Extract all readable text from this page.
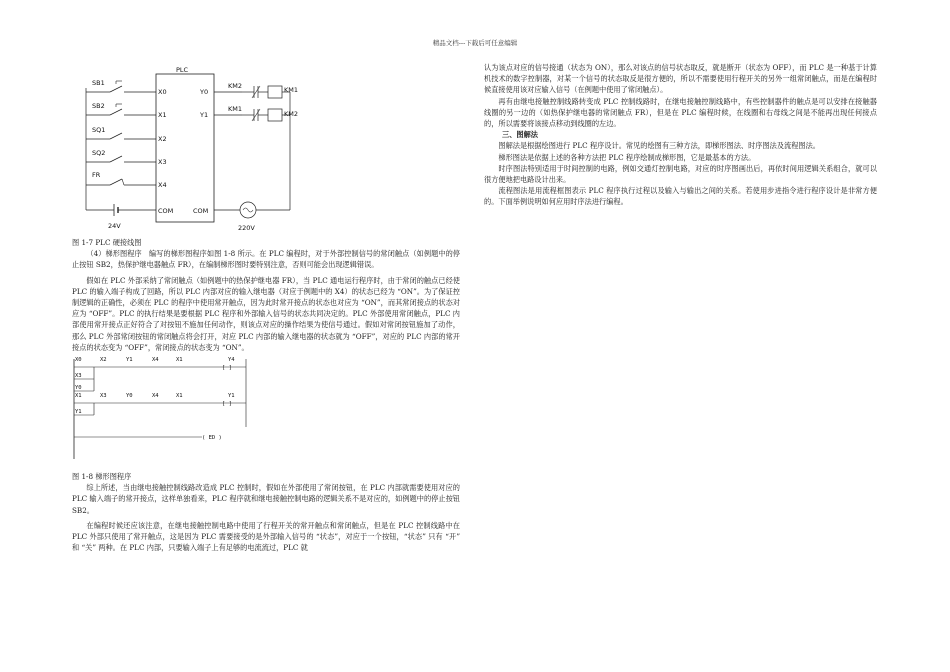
精品文档---下载后可任意编辑
PLC
SB1
X0
SB2
X1
SQ1
X2
SQ2
X3
FR
X4
24V
COM
Y0
Y1
KM2	KM1
KM1
KM2
COM
220V

图 1-7 PLC 硬接线图

（4）梯形图程序　编写的梯形图程序如图 1-8 所示。在 PLC 编程时，对于外部控制信号的常闭触点（如例题中的停止按钮 SB2，热保护继电器触点 FR），在编制梯形图时要特别注意，否则可能会出现逻辑错误。

假如在 PLC 外部采纳了常闭触点（如例题中的热保护继电器 FR），当 PLC 通电运行程序时，由于常闭的触点已经使 PLC 的输入端子构成了回路，所以 PLC 内部对应的输入继电器（对应于例题中的 X4）的状态已经为 “ON”。为了保证控制逻辑的正确性，必须在 PLC 的程序中使用常开触点，因为此时常开接点的状态也对应为 “ON”，而其常闭接点的状态对应为 “OFF”。PLC 的执行结果是要根据 PLC 程序和外部输入信号的状态共同决定的。PLC 外部使用常闭触点，PLC 内部使用常开接点正好符合了对按钮不施加任何动作，则该点对应的操作结果为使信号通过。假如对常闭按钮施加了动作，那么 PLC 外部常闭按钮的常闭触点将会打开，对应 PLC 内部的输入继电器的状态就为 “OFF”，对应的 PLC 内部的常开接点的状态变为 “OFF”，常闭接点的状态变为 “ON”。

X0	X2	Y1	X4	X1	Y4
[ ]
X3
Y0
X1	X3	Y0	X4	X1	Y1
[ ]
Y1
( ED )

图 1-8 梯形图程序

综上所述，当由继电接触控制线路改造成 PLC 控制时，假如在外部使用了常闭按钮，在 PLC 内部就需要使用对应的 PLC 输入端子的常开接点，这样单独看来，PLC 程序就和继电接触控制电路的逻辑关系不是对应的，如例题中的停止按钮 SB2。

在编程时候还应该注意，在继电接触控制电路中使用了行程开关的常开触点和常闭触点，但是在 PLC 控制线路中在 PLC 外部只使用了常开触点，这是因为 PLC 需要接受的是外部输入信号的 “状态”，对应于一个按钮，“状态” 只有 “开” 和 “关” 两种。在 PLC 内部，只要输入端子上有足够的电流流过，PLC 就

认为该点对应的信号接通（状态为 ON），那么对该点的信号状态取反，就是断开（状态为 OFF），而 PLC 是一种基于计算机技术的数字控制器，对某一个信号的状态取反是很方便的，所以不需要使用行程开关的另外一组常闭触点，而是在编程时候直接使用该对应输入信号（在例题中使用了常闭触点）。

再有由继电接触控制线路转变成 PLC 控制线路时，在继电接触控制线路中，有些控制器件的触点是可以安排在接触器线圈的另一边的（如热保护继电器的常闭触点 FR），但是在 PLC 编程时候，在线圈和右母线之间是不能再出现任何接点的，所以需要将该接点移动到线圈的左边。

三、图解法

图解法是根据绘图进行 PLC 程序设计。常见的绘图有三种方法，即梯形图法、时序图法及流程图法。

梯形图法是依据上述的各种方法把 PLC 程序绘制成梯形图，它是最基本的方法。

时序图法特别适用于时间控制的电路，例如交通灯控制电路，对应的时序图画出后，再依时间用逻辑关系组合，就可以很方便地把电路设计出来。

流程图法是用流程框图表示 PLC 程序执行过程以及输入与输出之间的关系。若使用步进指令进行程序设计是非常方便的。下面举例说明如何应用时序法进行编程。
